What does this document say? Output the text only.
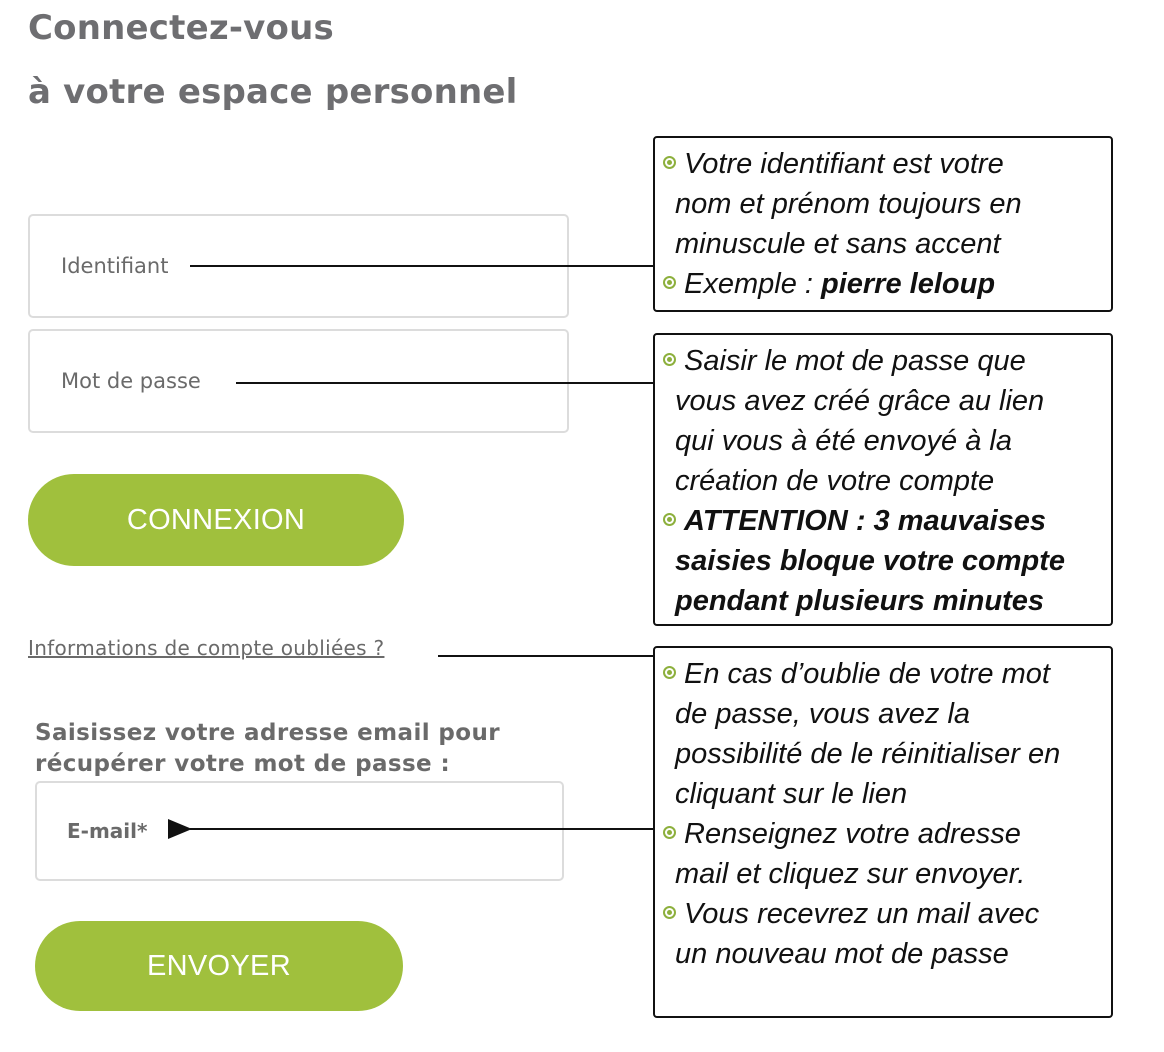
Connectez-vous
à votre espace personnel
Identifiant
Mot de passe
CONNEXION
Informations de compte oubliées ?

Saisissez votre adresse email pour
récupérer votre mot de passe :

E-mail*
ENVOYER
Votre identifiant est votre
nom et prénom toujours en
minuscule et sans accent
Exemple : pierre leloup
Saisir le mot de passe que
vous avez créé grâce au lien
qui vous à été envoyé à la
création de votre compte
ATTENTION : 3 mauvaises
saisies bloque votre compte
pendant plusieurs minutes
En cas d’oublie de votre mot
de passe, vous avez la
possibilité de le réinitialiser en
cliquant sur le lien
Renseignez votre adresse
mail et cliquez sur envoyer.
Vous recevrez un mail avec
un nouveau mot de passe
